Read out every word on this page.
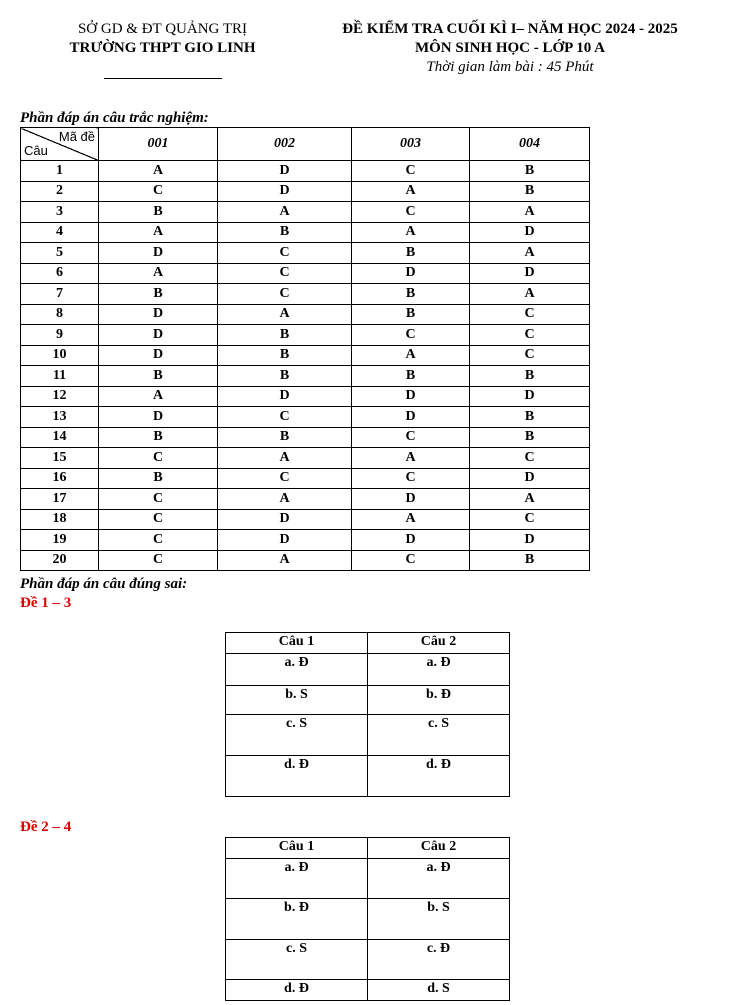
SỞ GD & ĐT QUẢNG TRỊ
TRƯỜNG THPT GIO LINH
ĐỀ KIỂM TRA CUỐI KÌ I– NĂM HỌC 2024 - 2025
MÔN SINH HỌC - LỚP 10 A
Thời gian làm bài : 45 Phút
Phần đáp án câu trắc nghiệm:
Mã đề
Câu	001	002	003	004
1	A	D	C	B
2	C	D	A	B
3	B	A	C	A
4	A	B	A	D
5	D	C	B	A
6	A	C	D	D
7	B	C	B	A
8	D	A	B	C
9	D	B	C	C
10	D	B	A	C
11	B	B	B	B
12	A	D	D	D
13	D	C	D	B
14	B	B	C	B
15	C	A	A	C
16	B	C	C	D
17	C	A	D	A
18	C	D	A	C
19	C	D	D	D
20	C	A	C	B
Phần đáp án câu đúng sai:
Đề 1 – 3
Câu 1	Câu 2
a. Đ	a. Đ
b. S	b. Đ
c. S	c. S
d. Đ	d. Đ
Đề 2 – 4
Câu 1	Câu 2
a. Đ	a. Đ
b. Đ	b. S
c. S	c. Đ
d. Đ	d. S
